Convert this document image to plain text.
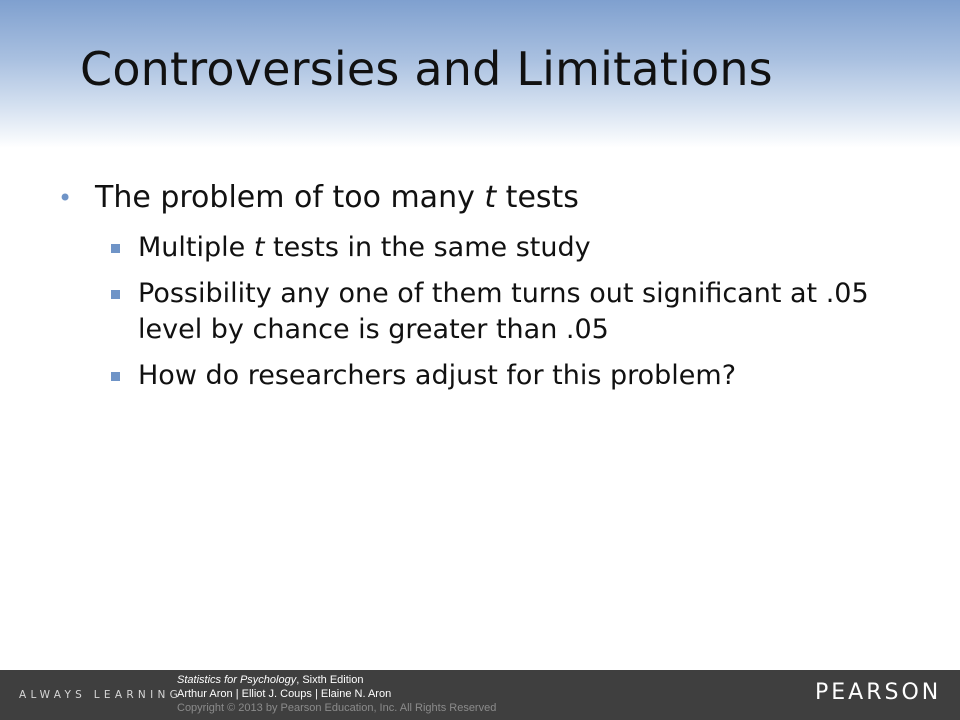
Controversies and Limitations
• The problem of too many t tests
Multiple t tests in the same study
Possibility any one of them turns out significant at .05 level by chance is greater than .05
How do researchers adjust for this problem?
ALWAYS LEARNING
Statistics for Psychology, Sixth Edition
Arthur Aron | Elliot J. Coups | Elaine N. Aron
Copyright © 2013 by Pearson Education, Inc. All Rights Reserved
PEARSON
